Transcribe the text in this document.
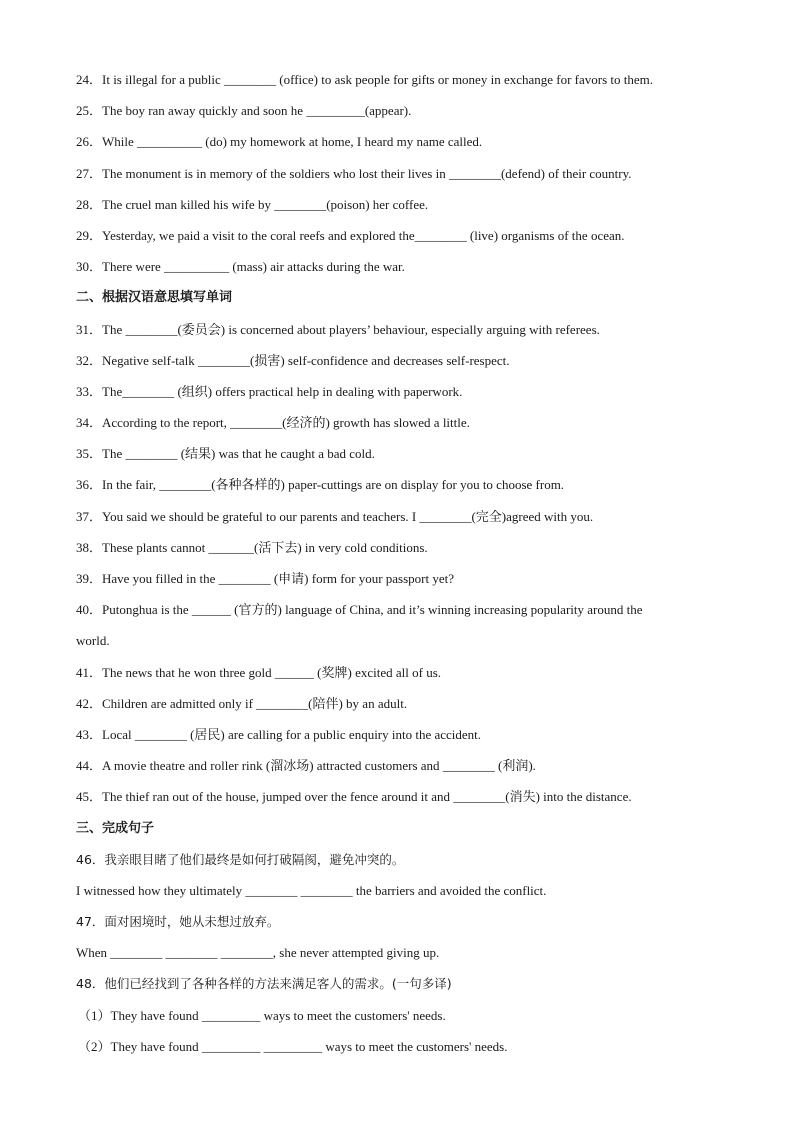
24．It is illegal for a public ________ (office) to ask people for gifts or money in exchange for favors to them.
25．The boy ran away quickly and soon he _________(appear).
26．While __________ (do) my homework at home, I heard my name called.
27．The monument is in memory of the soldiers who lost their lives in ________(defend) of their country.
28．The cruel man killed his wife by ________(poison) her coffee.
29．Yesterday, we paid a visit to the coral reefs and explored the________ (live) organisms of the ocean.
30．There were __________ (mass) air attacks during the war.
二、根据汉语意思填写单词
31．The ________(委员会) is concerned about players’ behaviour, especially arguing with referees.
32．Negative self-talk ________(损害) self-confidence and decreases self-respect.
33．The________ (组织) offers practical help in dealing with paperwork.
34．According to the report, ________(经济的) growth has slowed a little.
35．The ________ (结果) was that he caught a bad cold.
36．In the fair, ________(各种各样的) paper-cuttings are on display for you to choose from.
37．You said we should be grateful to our parents and teachers. I ________(完全)agreed with you.
38．These plants cannot _______(活下去) in very cold conditions.
39．Have you filled in the ________ (申请) form for your passport yet?
40．Putonghua is the ______ (官方的) language of China, and it’s winning increasing popularity around the
world.
41．The news that he won three gold ______ (奖牌) excited all of us.
42．Children are admitted only if ________(陪伴) by an adult.
43．Local ________ (居民) are calling for a public enquiry into the accident.
44．A movie theatre and roller rink (溜冰场) attracted customers and ________ (利润).
45．The thief ran out of the house, jumped over the fence around it and ________(消失) into the distance.
三、完成句子
46．我亲眼目睹了他们最终是如何打破隔阂，避免冲突的。
I witnessed how they ultimately ________ ________ the barriers and avoided the conflict.
47．面对困境时，她从未想过放弃。
When ________ ________ ________, she never attempted giving up.
48．他们已经找到了各种各样的方法来满足客人的需求。(一句多译)
（1）They have found _________ ways to meet the customers' needs.
（2）They have found _________ _________ ways to meet the customers' needs.
